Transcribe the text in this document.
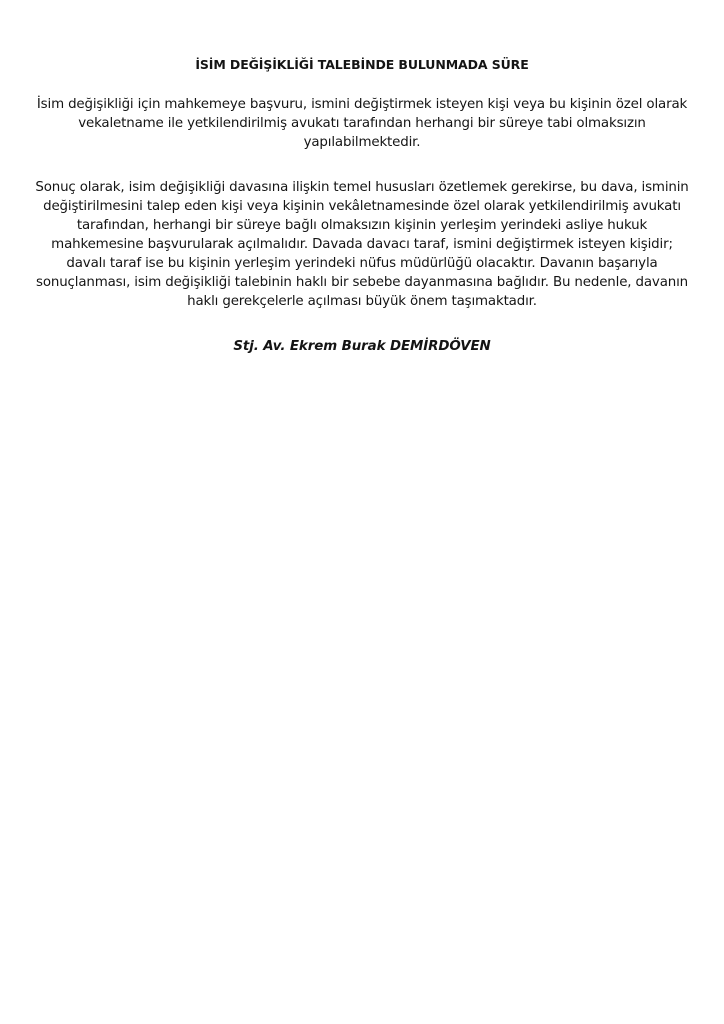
İSİM DEĞİŞİKLİĞİ TALEBİNDE BULUNMADA SÜRE
İsim değişikliği için mahkemeye başvuru, ismini değiştirmek isteyen kişi veya bu kişinin özel olarak
vekaletname ile yetkilendirilmiş avukatı tarafından herhangi bir süreye tabi olmaksızın
yapılabilmektedir.
Sonuç olarak, isim değişikliği davasına ilişkin temel hususları özetlemek gerekirse, bu dava, isminin
değiştirilmesini talep eden kişi veya kişinin vekâletnamesinde özel olarak yetkilendirilmiş avukatı
tarafından, herhangi bir süreye bağlı olmaksızın kişinin yerleşim yerindeki asliye hukuk
mahkemesine başvurularak açılmalıdır. Davada davacı taraf, ismini değiştirmek isteyen kişidir;
davalı taraf ise bu kişinin yerleşim yerindeki nüfus müdürlüğü olacaktır. Davanın başarıyla
sonuçlanması, isim değişikliği talebinin haklı bir sebebe dayanmasına bağlıdır. Bu nedenle, davanın
haklı gerekçelerle açılması büyük önem taşımaktadır.
Stj. Av. Ekrem Burak DEMİRDÖVEN
